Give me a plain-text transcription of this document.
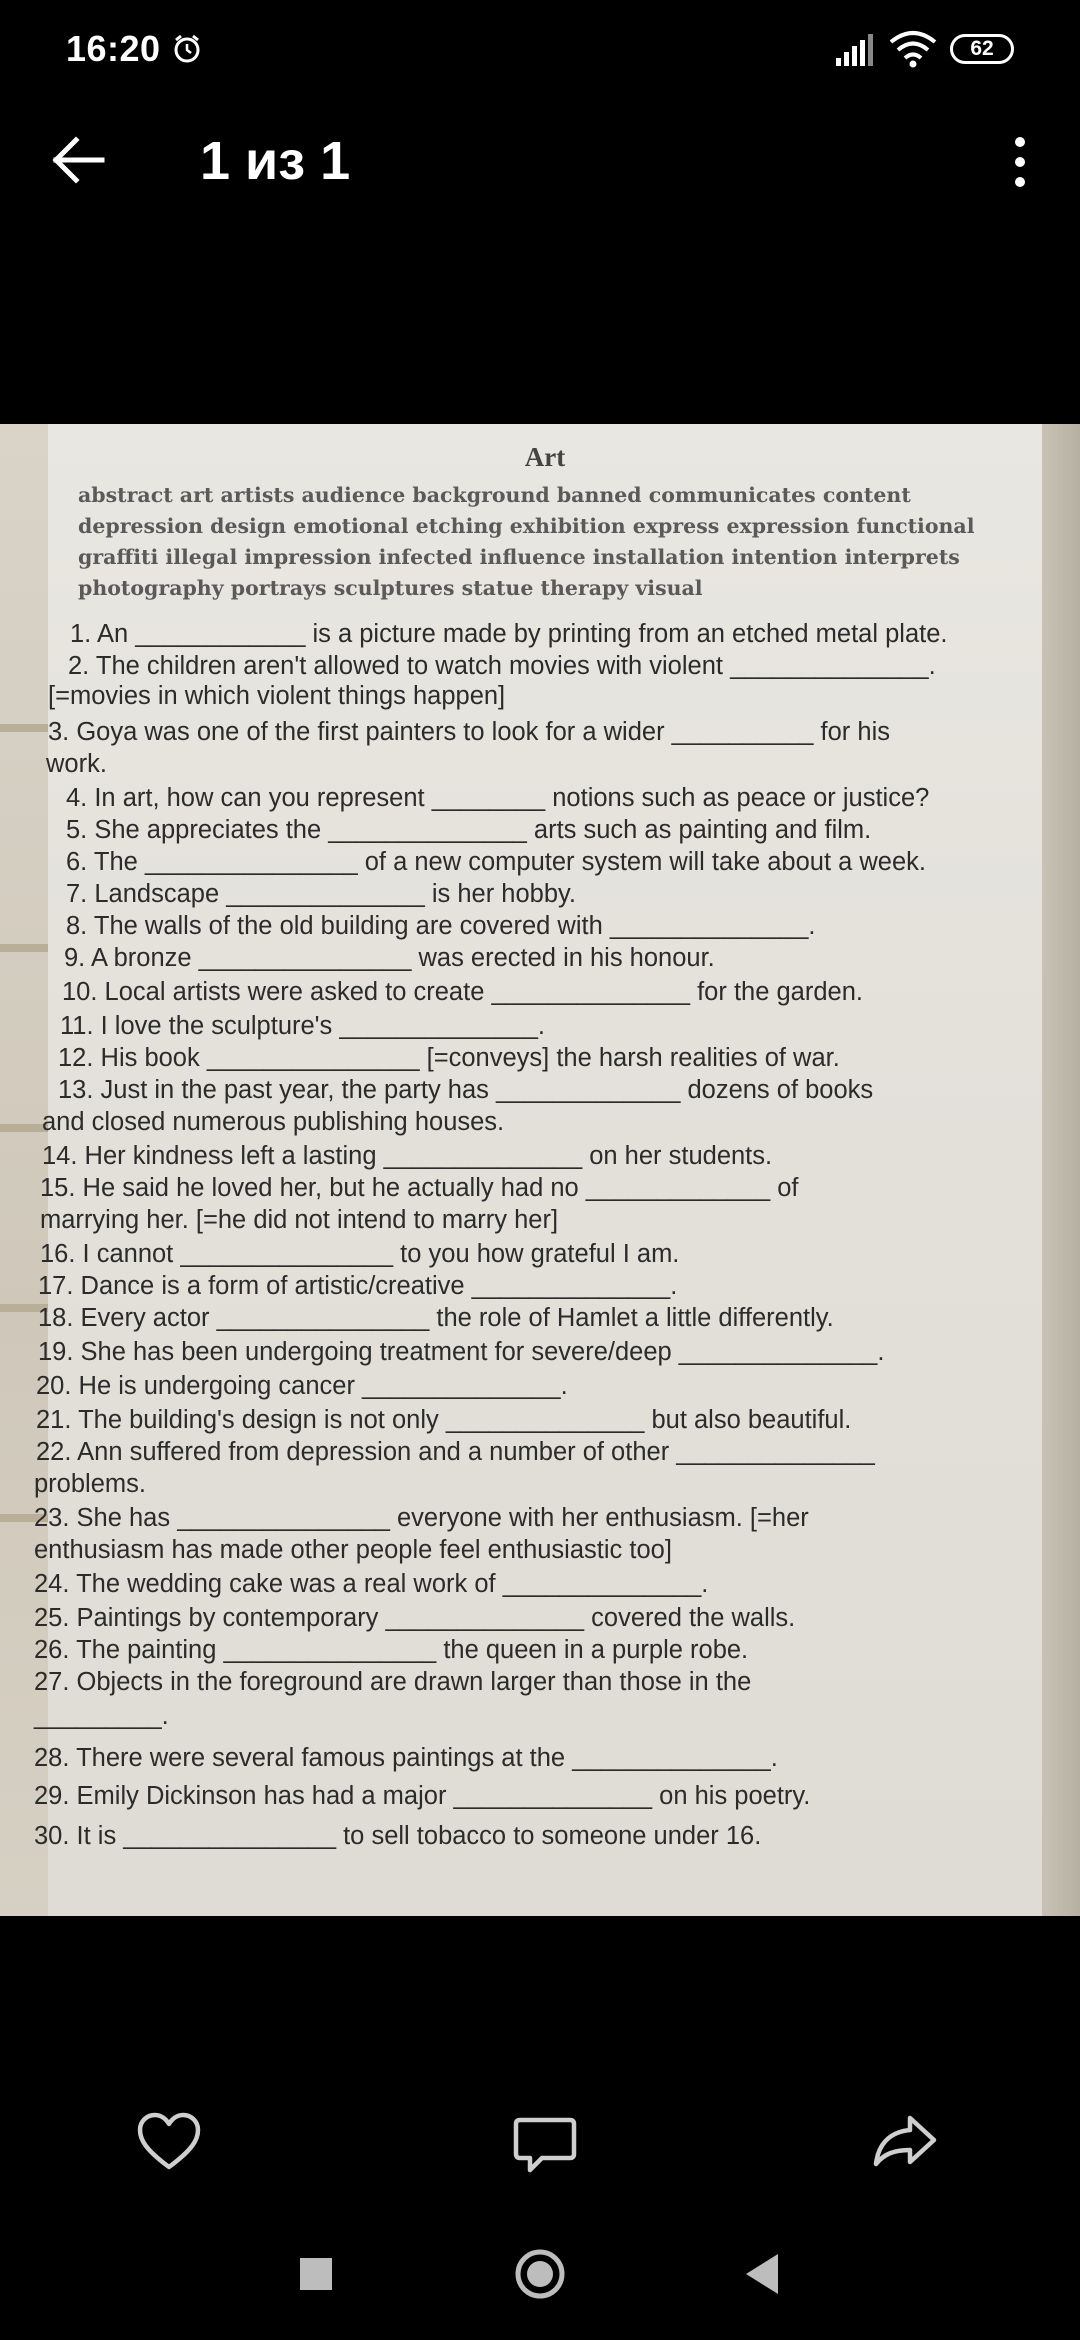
16:20	62
1 из 1
Art
abstract art artists audience background banned communicates content
depression design emotional etching exhibition express expression functional
graffiti illegal impression infected influence installation intention interprets
photography portrays sculptures statue therapy visual
1. An ____________ is a picture made by printing from an etched metal plate.
2. The children aren't allowed to watch movies with violent ______________.
[=movies in which violent things happen]
3. Goya was one of the first painters to look for a wider __________ for his
work.
4. In art, how can you represent ________ notions such as peace or justice?
5. She appreciates the ______________ arts such as painting and film.
6. The _______________ of a new computer system will take about a week.
7. Landscape ______________ is her hobby.
8. The walls of the old building are covered with ______________.
9. A bronze _______________ was erected in his honour.
10. Local artists were asked to create ______________ for the garden.
11. I love the sculpture's ______________.
12. His book _______________ [=conveys] the harsh realities of war.
13. Just in the past year, the party has _____________ dozens of books
and closed numerous publishing houses.
14. Her kindness left a lasting ______________ on her students.
15. He said he loved her, but he actually had no _____________ of
marrying her. [=he did not intend to marry her]
16. I cannot _______________ to you how grateful I am.
17. Dance is a form of artistic/creative ______________.
18. Every actor _______________ the role of Hamlet a little differently.
19. She has been undergoing treatment for severe/deep ______________.
20. He is undergoing cancer ______________.
21. The building's design is not only ______________ but also beautiful.
22. Ann suffered from depression and a number of other ______________
problems.
23. She has _______________ everyone with her enthusiasm. [=her
enthusiasm has made other people feel enthusiastic too]
24. The wedding cake was a real work of ______________.
25. Paintings by contemporary ______________ covered the walls.
26. The painting _______________ the queen in a purple robe.
27. Objects in the foreground are drawn larger than those in the
_________.
28. There were several famous paintings at the ______________.
29. Emily Dickinson has had a major ______________ on his poetry.
30. It is _______________ to sell tobacco to someone under 16.
